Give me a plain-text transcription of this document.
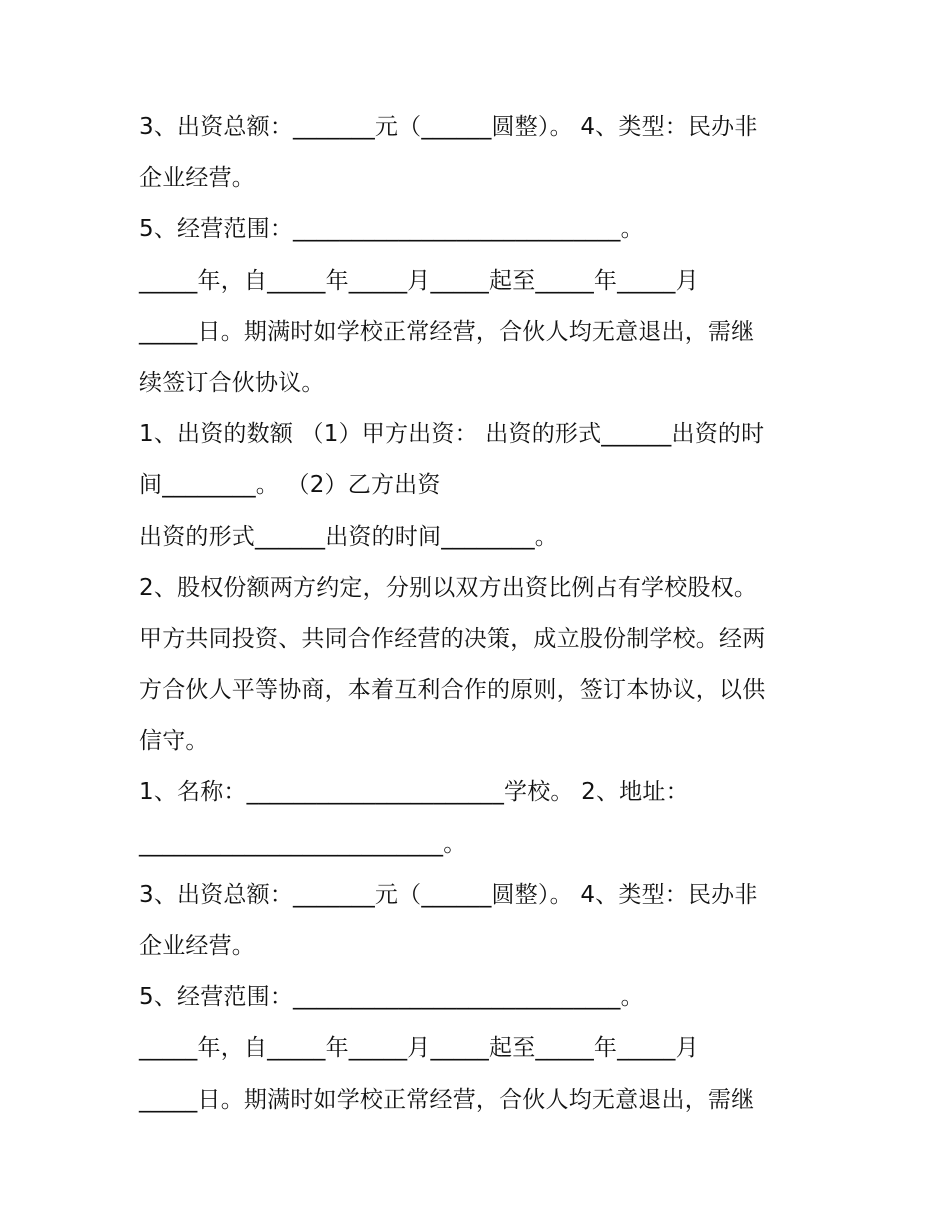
3、出资总额：_______元（______圆整）。 4、类型：民办非
企业经营。
5、经营范围：____________________________。
_____年，自_____年_____月_____起至_____年_____月
_____日。期满时如学校正常经营，合伙人均无意退出，需继
续签订合伙协议。
1、出资的数额 （1）甲方出资： 出资的形式______出资的时
间________。 （2）乙方出资
出资的形式______出资的时间________。
2、股权份额两方约定，分别以双方出资比例占有学校股权。
甲方共同投资、共同合作经营的决策，成立股份制学校。经两
方合伙人平等协商，本着互利合作的原则，签订本协议，以供
信守。
1、名称：______________________学校。 2、地址：
__________________________。
3、出资总额：_______元（______圆整）。 4、类型：民办非
企业经营。
5、经营范围：____________________________。
_____年，自_____年_____月_____起至_____年_____月
_____日。期满时如学校正常经营，合伙人均无意退出，需继
